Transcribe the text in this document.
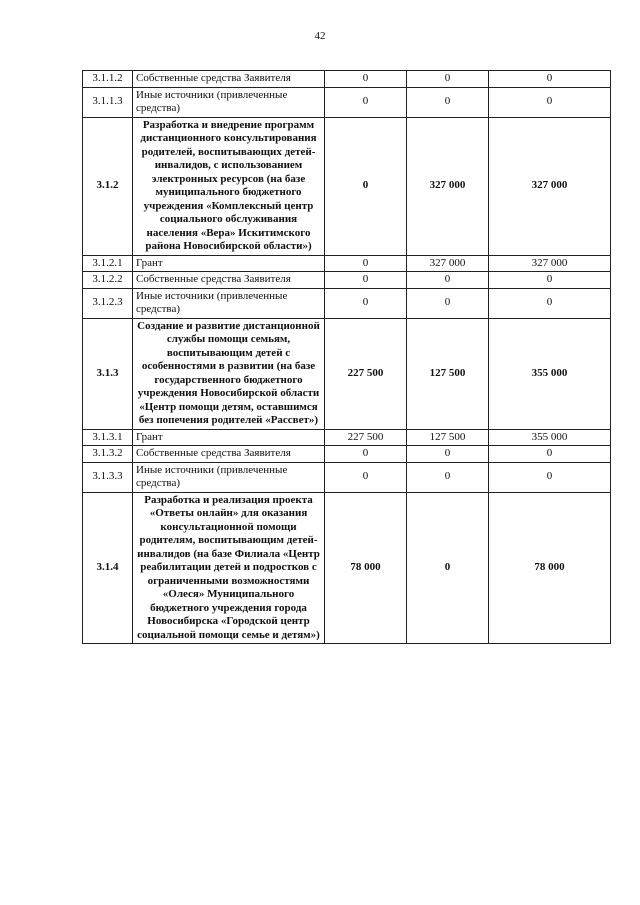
42
3.1.1.2	Собственные средства Заявителя	0	0	0
3.1.1.3	Иные источники (привлеченные средства)	0	0	0
3.1.2	Разработка и внедрение программ дистанционного консультирования родителей, воспитывающих детей-инвалидов, с использованием электронных ресурсов (на базе муниципального бюджетного учреждения «Комплексный центр социального обслуживания населения «Вера» Искитимского района Новосибирской области»)	0	327 000	327 000
3.1.2.1	Грант	0	327 000	327 000
3.1.2.2	Собственные средства Заявителя	0	0	0
3.1.2.3	Иные источники (привлеченные средства)	0	0	0
3.1.3	Создание и развитие дистанционной службы помощи семьям, воспитывающим детей с особенностями в развитии (на базе государственного бюджетного учреждения Новосибирской области «Центр помощи детям, оставшимся без попечения родителей «Рассвет»)	227 500	127 500	355 000
3.1.3.1	Грант	227 500	127 500	355 000
3.1.3.2	Собственные средства Заявителя	0	0	0
3.1.3.3	Иные источники (привлеченные средства)	0	0	0
3.1.4	Разработка и реализация проекта «Ответы онлайн» для оказания консультационной помощи родителям, воспитывающим детей-инвалидов (на базе Филиала «Центр реабилитации детей и подростков с ограниченными возможностями «Олеся» Муниципального бюджетного учреждения города Новосибирска «Городской центр социальной помощи семье и детям»)	78 000	0	78 000
